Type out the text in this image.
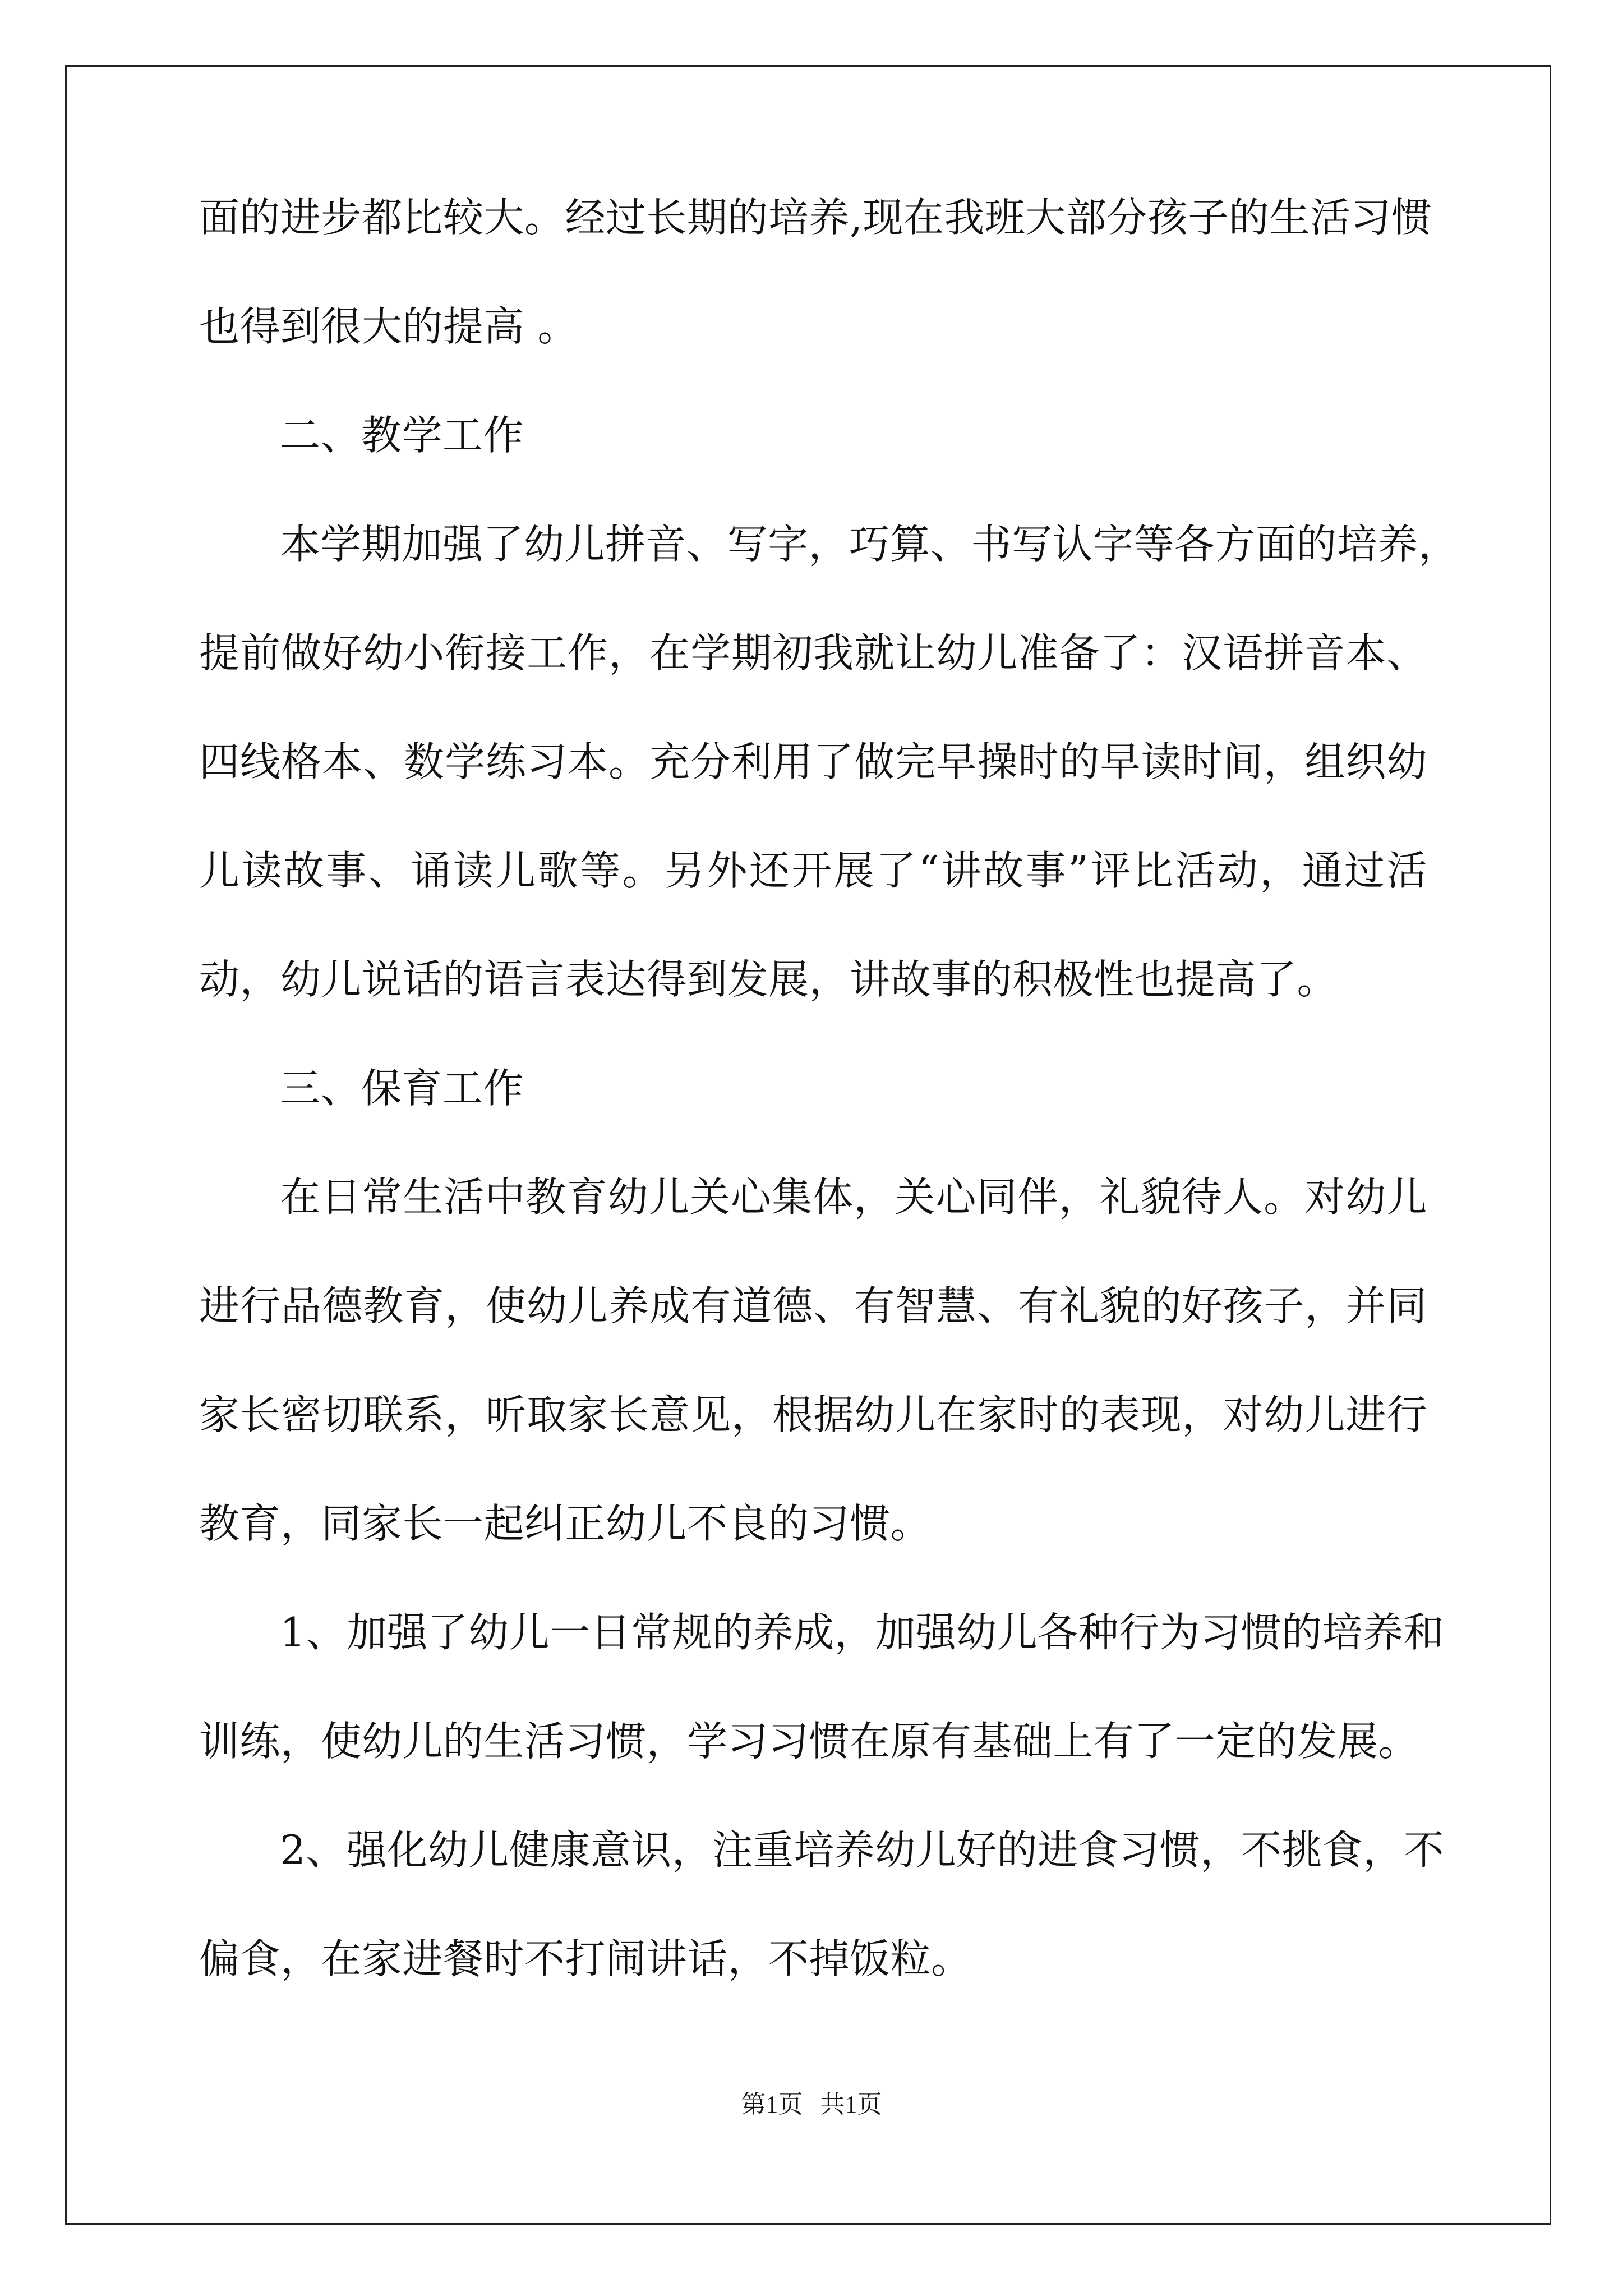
面的进步都比较大。经过长期的培养,现在我班大部分孩子的生活习惯
也得到很大的提高 。
二、教学工作
本学期加强了幼儿拼音、写字，巧算、书写认字等各方面的培养，
提前做好幼小衔接工作，在学期初我就让幼儿准备了：汉语拼音本、
四线格本、数学练习本。充分利用了做完早操时的早读时间，组织幼
儿读故事、诵读儿歌等。另外还开展了“讲故事”评比活动，通过活
动，幼儿说话的语言表达得到发展，讲故事的积极性也提高了。
三、保育工作
在日常生活中教育幼儿关心集体，关心同伴，礼貌待人。对幼儿
进行品德教育，使幼儿养成有道德、有智慧、有礼貌的好孩子，并同
家长密切联系，听取家长意见，根据幼儿在家时的表现，对幼儿进行
教育，同家长一起纠正幼儿不良的习惯。
1、加强了幼儿一日常规的养成，加强幼儿各种行为习惯的培养和
训练，使幼儿的生活习惯，学习习惯在原有基础上有了一定的发展。
2、强化幼儿健康意识，注重培养幼儿好的进食习惯，不挑食，不
偏食，在家进餐时不打闹讲话，不掉饭粒。
第1页 共1页
